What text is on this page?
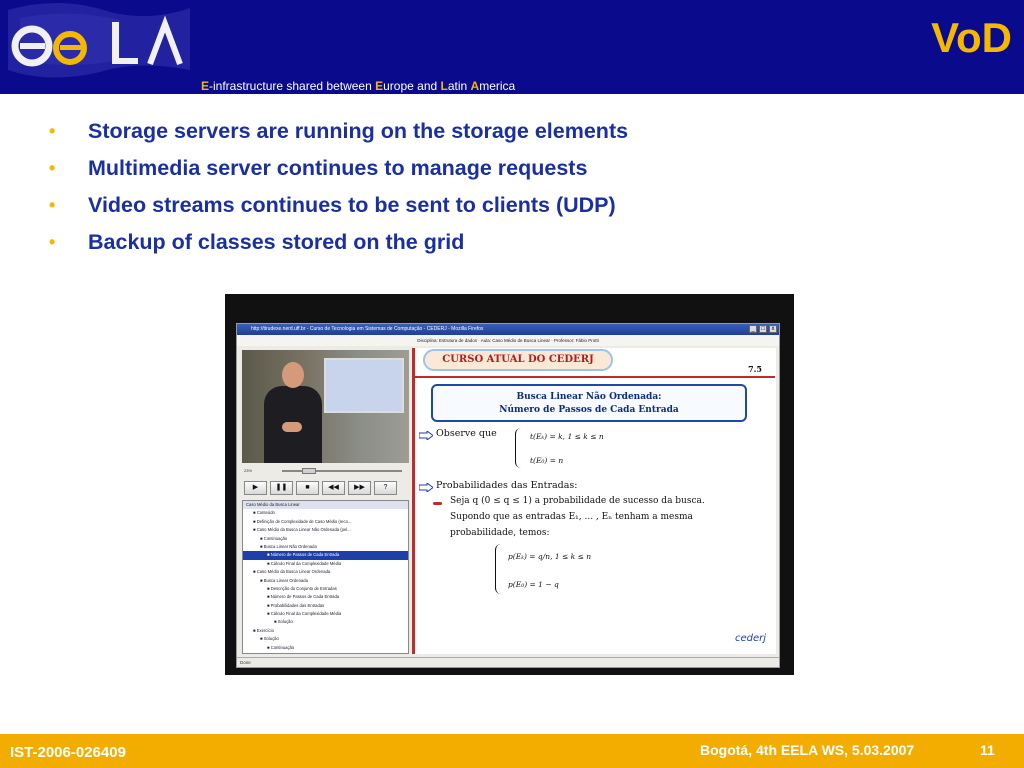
VoD
E-infrastructure shared between Europe and Latin America
• Storage servers are running on the storage elements
• Multimedia server continues to manage requests
• Video streams continues to be sent to clients (UDP)
• Backup of classes stored on the grid
http://tirudexe.nerd.uff.br - Curso de Tecnologia em Sistemas de Computação - CEDERJ - Mozilla Firefox	_	□	x
Disciplina: Estrutura de dados · Aula: Caso Médio de Busca Linear · Professor: Fábio Protti
23%
▶	❚❚	■	◀◀	▶▶	?
Caso Médio da Busca Linear
■ Conteúdo
■ Definição de Complexidade de Caso Médio (reco...
■ Caso Médio da Busca Linear Não Ordenada (pel...
■ Continuação
■ Busca Linear Não Ordenada
■ Número de Passos de Cada Entrada
■ Cálculo Final da Complexidade Média
■ Caso Médio da Busca Linear Ordenada
■ Busca Linear Ordenada
■ Descrição do Conjunto de Entradas
■ Número de Passos de Cada Entrada
■ Probabilidades das Entradas
■ Cálculo Final da Complexidade Média
■ Solução
■ Exercício
■ Solução
■ Continuação
CURSO ATUAL DO CEDERJ
7.5
Busca Linear Não Ordenada:
Número de Passos de Cada Entrada
Observe que	t(Eₖ) = k, 1 ≤ k ≤ n
t(E₀) = n
Probabilidades das Entradas:
Seja q (0 ≤ q ≤ 1) a probabilidade de sucesso da busca.
Supondo que as entradas E₁, ... , Eₙ tenham a mesma
probabilidade, temos:
p(Eₖ) = q/n, 1 ≤ k ≤ n
p(E₀) = 1 − q
cederj
Done
IST-2006-026409	Bogotá, 4th EELA WS, 5.03.2007	11
